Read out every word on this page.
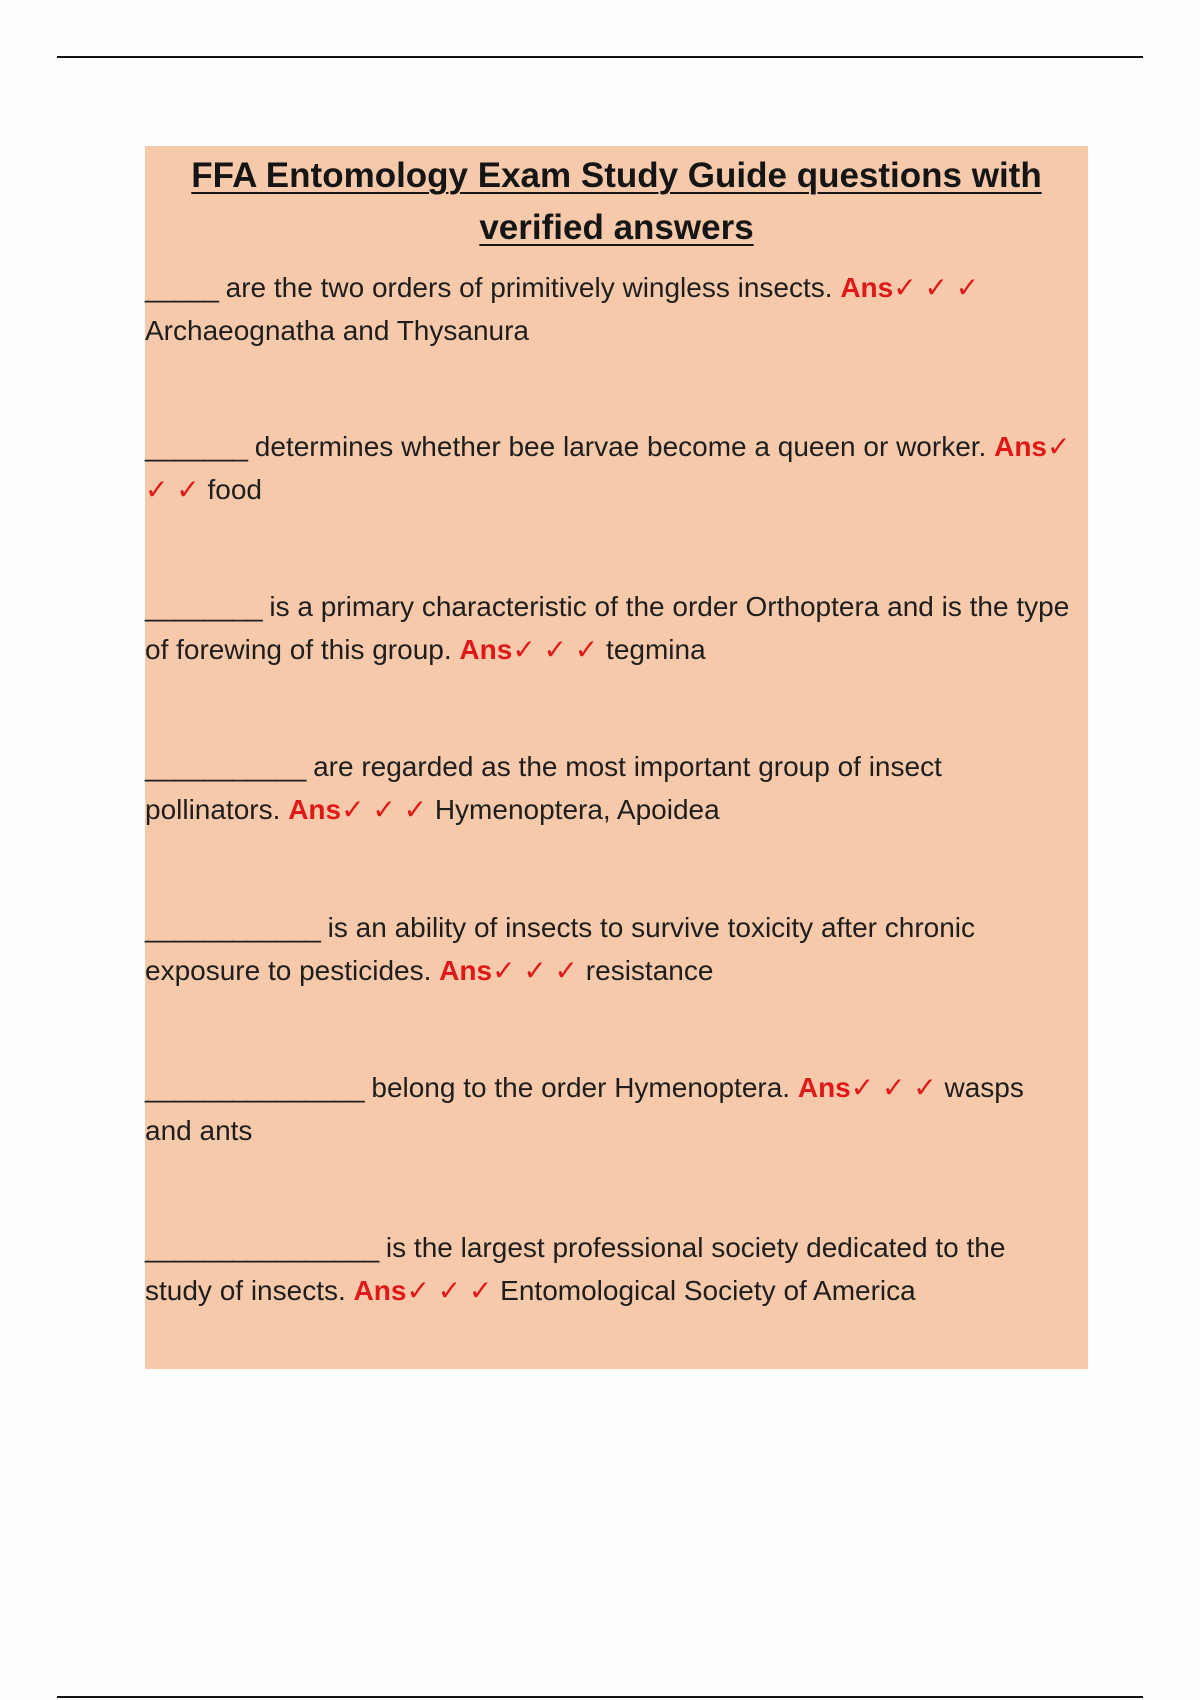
FFA Entomology Exam Study Guide questions with
verified answers
_____ are the two orders of primitively wingless insects. Ans✓ ✓ ✓ Archaeognatha and Thysanura
_______ determines whether bee larvae become a queen or worker. Ans✓ ✓ ✓ food
________ is a primary characteristic of the order Orthoptera and is the type of forewing of this group. Ans✓ ✓ ✓ tegmina
___________ are regarded as the most important group of insect pollinators. Ans✓ ✓ ✓ Hymenoptera, Apoidea
____________ is an ability of insects to survive toxicity after chronic exposure to pesticides. Ans✓ ✓ ✓ resistance
_______________ belong to the order Hymenoptera. Ans✓ ✓ ✓ wasps and ants
________________ is the largest professional society dedicated to the study of insects. Ans✓ ✓ ✓ Entomological Society of America
